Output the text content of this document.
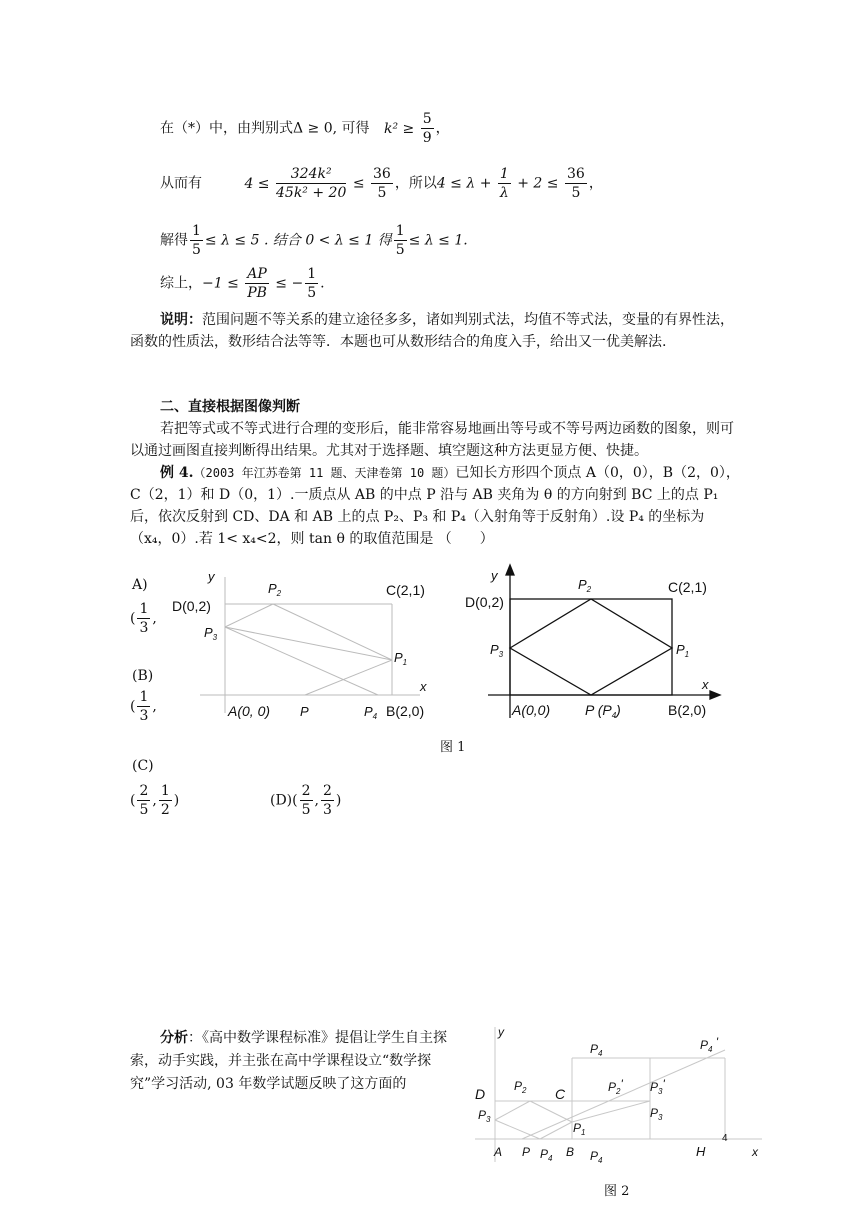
在（*）中，由判别式Δ ≥ 0, 可得 $k^2 \ge \frac{5}{9}$ ，
从而有	$4 \le \frac{\text{324k²}}{\text{45k² + 20}} \le \frac{36}{5}$ ，所以$4 \le \lambda + \frac{1}{\lambda} + 2 \le \frac{36}{5}$ ，
解得 $\frac{1}{5} \le \lambda \le 5$ . 结合 0 < λ ≤ 1 得 $\frac{1}{5} \le \lambda \le 1$.
综上，$-1 \le \frac{AP}{PB}$ ≤ − $\frac{1}{5}$ .
说明：范围问题不等关系的建立途径多多，诸如判别式法，均值不等式法，变量的有界性法，函数的性质法，数形结合法等等．本题也可从数形结合的角度入手，给出又一优美解法.
二、直接根据图像判断
若把等式或不等式进行合理的变形后，能非常容易地画出等号或不等号两边函数的图象，则可以通过画图直接判断得出结果。尤其对于选择题、填空题这种方法更显方便、快捷。
例 4.（2003 年江苏卷第 11 题、天津卷第 10 题）已知长方形四个顶点 A（0，0），B（2，0），C（2，1）和 D（0，1）.一质点从 AB 的中点 P 沿与 AB 夹角为 θ 的方向射到 BC 上的点 P₁ 后，依次反射到 CD、DA 和 AB 上的点 P₂、P₃ 和 P₄（入射角等于反射角）.设 P₄ 的坐标为（x₄，0）.若 1< x₄<2，则 tan θ 的取值范围是 （　　）
A)
( $\frac{1}{3}$ ,
(B)
( $\frac{1}{3}$ ,
(C)
( $\frac{2}{5}$ , $\frac{1}{2}$ )	$(D)( \frac{2}{5}$ , $\frac{2}{3}$ )
y
x
$P_2$
$P_3$
$P_1$
P	$P_4$
D(0,2)
C(2,1)
A(0, 0)	B(2,0)
y
x
$P_2$
$P_3$	$P_1$
D(0,2)
C(2,1)
A(0,0) P $(P_4)$	B(2,0)
图 1
分析：《高中数学课程标准》提倡让学生自主探索，动手实践，并主张在高中学课程设立“数学探究”学习活动, 03 年数学试题反映了这方面的
y
x
D	C
A P	B	H
4
$P_2$
$P_3$
$P_1$
$P_4$	$P_4$
$P_4$
$P_2'$ $P_3'$
$P_3$
$P_4$ '
图 2
